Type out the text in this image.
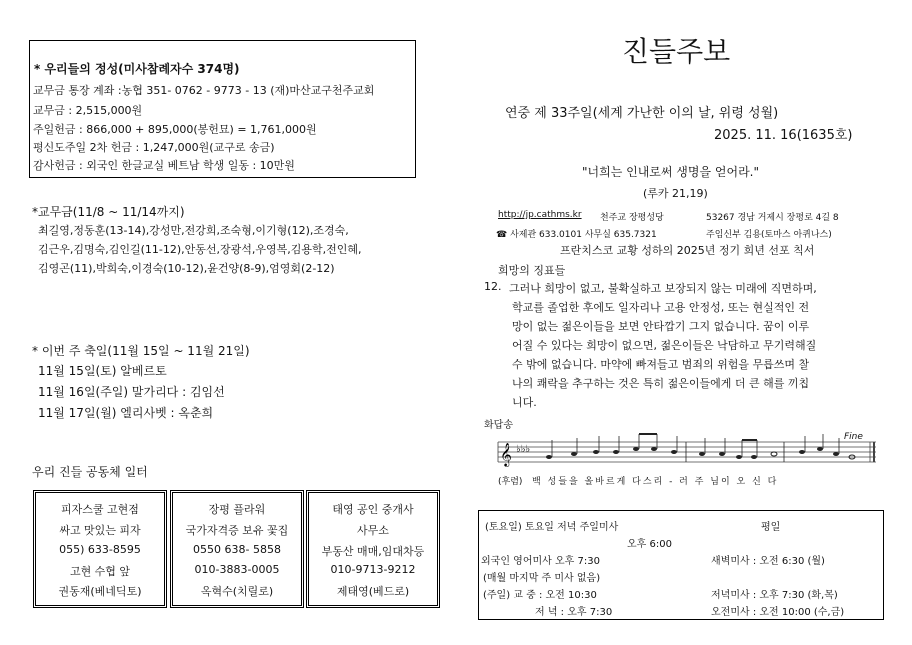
* 우리들의 정성(미사참례자수 374명)
교무금 통장 계좌 :농협 351- 0762 - 9773 - 13 (재)마산교구천주교회
교무금 : 2,515,000원
주일헌금 : 866,000 + 895,000(봉헌묘) = 1,761,000원
평신도주일 2차 헌금 : 1,247,000원(교구로 송금)
감사헌금 : 외국인 한글교실 베트남 학생 일동 : 10만원
*교무금(11/8 ~ 11/14까지)
최길영,정동훈(13-14),강성만,전강희,조숙형,이기형(12),조경숙,
김근우,김명숙,김인길(11-12),안동선,장광석,우영복,김용학,전인혜,
김영곤(11),박희숙,이경숙(10-12),윤건양(8-9),엄영회(2-12)
* 이번 주 축일(11월 15일 ~ 11월 21일)
11월 15일(토) 알베르토
11월 16일(주일) 말가리다 : 김임선
11월 17일(월) 엘리사벳 : 옥춘희
우리 진들 공동체 일터
피자스쿨 고현점
싸고 맛있는 피자
055) 633-8595
고현 수협 앞
권동재(베네딕토)
장평 플라워
국가자격증 보유 꽃집
0550 638- 5858
010-3883-0005
옥혁수(치릴로)
태영 공인 중개사
사무소
부동산 매매,임대차등
010-9713-9212
제태영(베드로)
진들주보
연중 제 33주일(세계 가난한 이의 날, 위령 성월)
2025. 11. 16(1635호)
"너희는 인내로써 생명을 얻어라."
(루카 21,19)
http://jp.cathms.kr 천주교 장평성당	53267 경남 거제시 장평로 4길 8
☎ 사제관 633.0101 사무실 635.7321	주임신부 김용(토마스 아퀴나스)
프란치스코 교황 성하의 2025년 정기 희년 선포 칙서
희망의 징표들
12. 그러나 희망이 없고, 불확실하고 보장되지 않는 미래에 직면하며,
학교를 졸업한 후에도 일자리나 고용 안정성, 또는 현실적인 전
망이 없는 젊은이들을 보면 안타깝기 그지 없습니다. 꿈이 이루
어질 수 있다는 희망이 없으면, 젊은이들은 낙담하고 무기력해질
수 밖에 없습니다. 마약에 빠져들고 범죄의 위험을 무릅쓰며 찰
나의 쾌락을 추구하는 것은 특히 젊은이들에게 더 큰 해를 끼칩
니다.
화답송
𝄞 ♭♭♭
Fine
(후렴) 백 성들을 올바르게 다스리 - 러 주 님이 오 신 다
(토요일) 토요일 저녁 주일미사	평일
오후 6:00
외국인 영어미사 오후 7:30	새벽미사 : 오전 6:30 (월)
(매월 마지막 주 미사 없음)
(주일) 교 중 : 오전 10:30	저녁미사 : 오후 7:30 (화,목)
저 녁 : 오후 7:30	오전미사 : 오전 10:00 (수,금)
